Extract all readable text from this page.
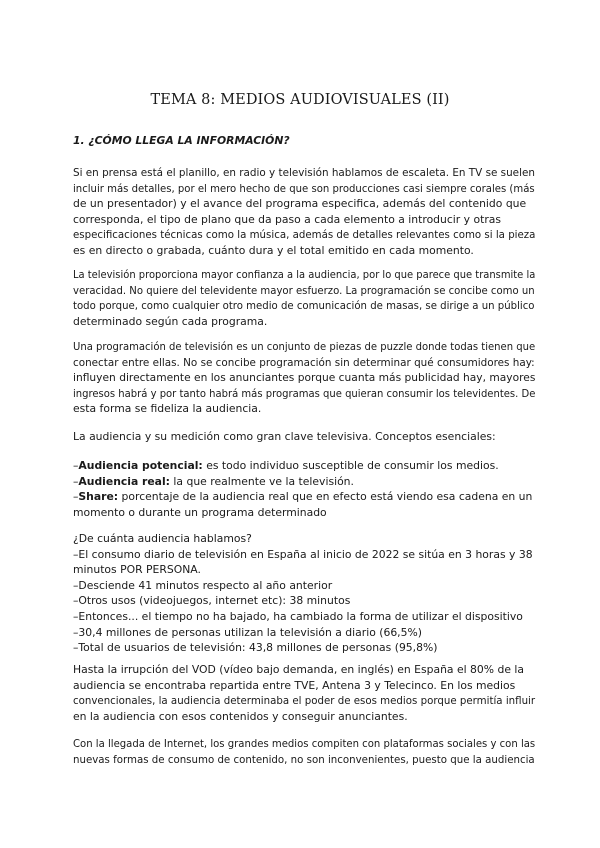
TEMA 8: MEDIOS AUDIOVISUALES (II)
1. ¿CÓMO LLEGA LA INFORMACIÓN?
Si en prensa está el planillo, en radio y televisión hablamos de escaleta. En TV se suelen incluir más detalles, por el mero hecho de que son producciones casi siempre corales (más
de un presentador) y el avance del programa especifica, además del contenido que
corresponda, el tipo de plano que da paso a cada elemento a introducir y otras
especificaciones técnicas como la música, además de detalles relevantes como si la pieza
es en directo o grabada, cuánto dura y el total emitido en cada momento.
La televisión proporciona mayor confianza a la audiencia, por lo que parece que transmite la veracidad. No quiere del televidente mayor esfuerzo. La programación se concibe como un todo porque, como cualquier otro medio de comunicación de masas, se dirige a un público
determinado según cada programa.
Una programación de televisión es un conjunto de piezas de puzzle donde todas tienen que conectar entre ellas. No se concibe programación sin determinar qué consumidores hay: influyen directamente en los anunciantes porque cuanta más publicidad hay, mayores ingresos habrá y por tanto habrá más programas que quieran consumir los televidentes. De
esta forma se fideliza la audiencia.
La audiencia y su medición como gran clave televisiva. Conceptos esenciales:
–Audiencia potencial: es todo individuo susceptible de consumir los medios.
–Audiencia real: la que realmente ve la televisión.
–Share: porcentaje de la audiencia real que en efecto está viendo esa cadena en un
momento o durante un programa determinado
¿De cuánta audiencia hablamos?
–El consumo diario de televisión en España al inicio de 2022 se sitúa en 3 horas y 38
minutos POR PERSONA.
–Desciende 41 minutos respecto al año anterior
–Otros usos (videojuegos, internet etc): 38 minutos
–Entonces... el tiempo no ha bajado, ha cambiado la forma de utilizar el dispositivo
–30,4 millones de personas utilizan la televisión a diario (66,5%)
–Total de usuarios de televisión: 43,8 millones de personas (95,8%)
Hasta la irrupción del VOD (vídeo bajo demanda, en inglés) en España el 80% de la
audiencia se encontraba repartida entre TVE, Antena 3 y Telecinco. En los medios
convencionales, la audiencia determinaba el poder de esos medios porque permitía influir
en la audiencia con esos contenidos y conseguir anunciantes.
Con la llegada de Internet, los grandes medios compiten con plataformas sociales y con las nuevas formas de consumo de contenido, no son inconvenientes, puesto que la audiencia
